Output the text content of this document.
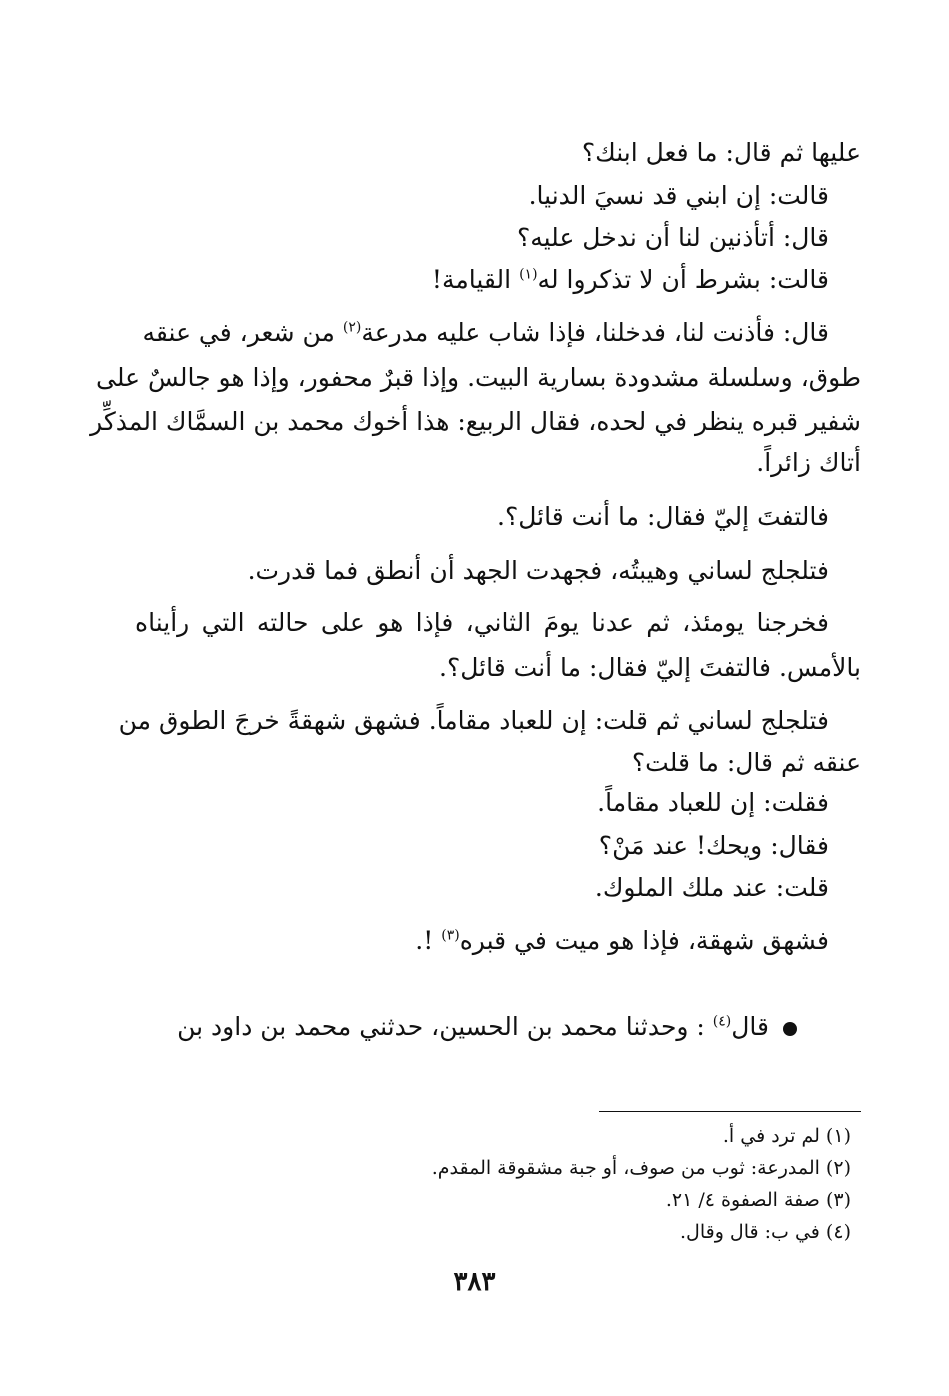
عليها ثم قال: ما فعل ابنك؟
قالت: إن ابني قد نسيَ الدنيا.
قال: أتأذنين لنا أن ندخل عليه؟
قالت: بشرط أن لا تذكروا له$^{(١)}$ القيامة!
قال: فأذنت لنا، فدخلنا، فإذا شاب عليه مدرعة$^{(٢)}$ من شعر، في عنقه
طوق، وسلسلة مشدودة بسارية البيت. وإذا قبرٌ محفور، وإذا هو جالسٌ على
شفير قبره ينظر في لحده، فقال الربيع: هذا أخوك محمد بن السمَّاك المذكِّر
أتاك زائراً.
فالتفتَ إليّ فقال: ما أنت قائل؟.
فتلجلج لساني وهيبتُه، فجهدت الجهد أن أنطق فما قدرت.
فخرجنا يومئذ، ثم عدنا يومَ الثاني، فإذا هو على حالته التي رأيناه
بالأمس. فالتفتَ إليّ فقال: ما أنت قائل؟.
فتلجلج لساني ثم قلت: إن للعباد مقاماً. فشهق شهقةً خرجَ الطوق من
عنقه ثم قال: ما قلت؟
فقلت: إن للعباد مقاماً.
فقال: ويحك! عند مَنْ؟
قلت: عند ملك الملوك.
فشهق شهقة، فإذا هو ميت في قبره$^{(٣)}$ !.
قال$^{(٤)}$ : وحدثنا محمد بن الحسين، حدثني محمد بن داود بن
(١) لم ترد في أ.
(٢) المدرعة: ثوب من صوف، أو جبة مشقوقة المقدم.
(٣) صفة الصفوة ٤/ ٢١.
(٤) في ب: قال وقال.
٣٨٣
